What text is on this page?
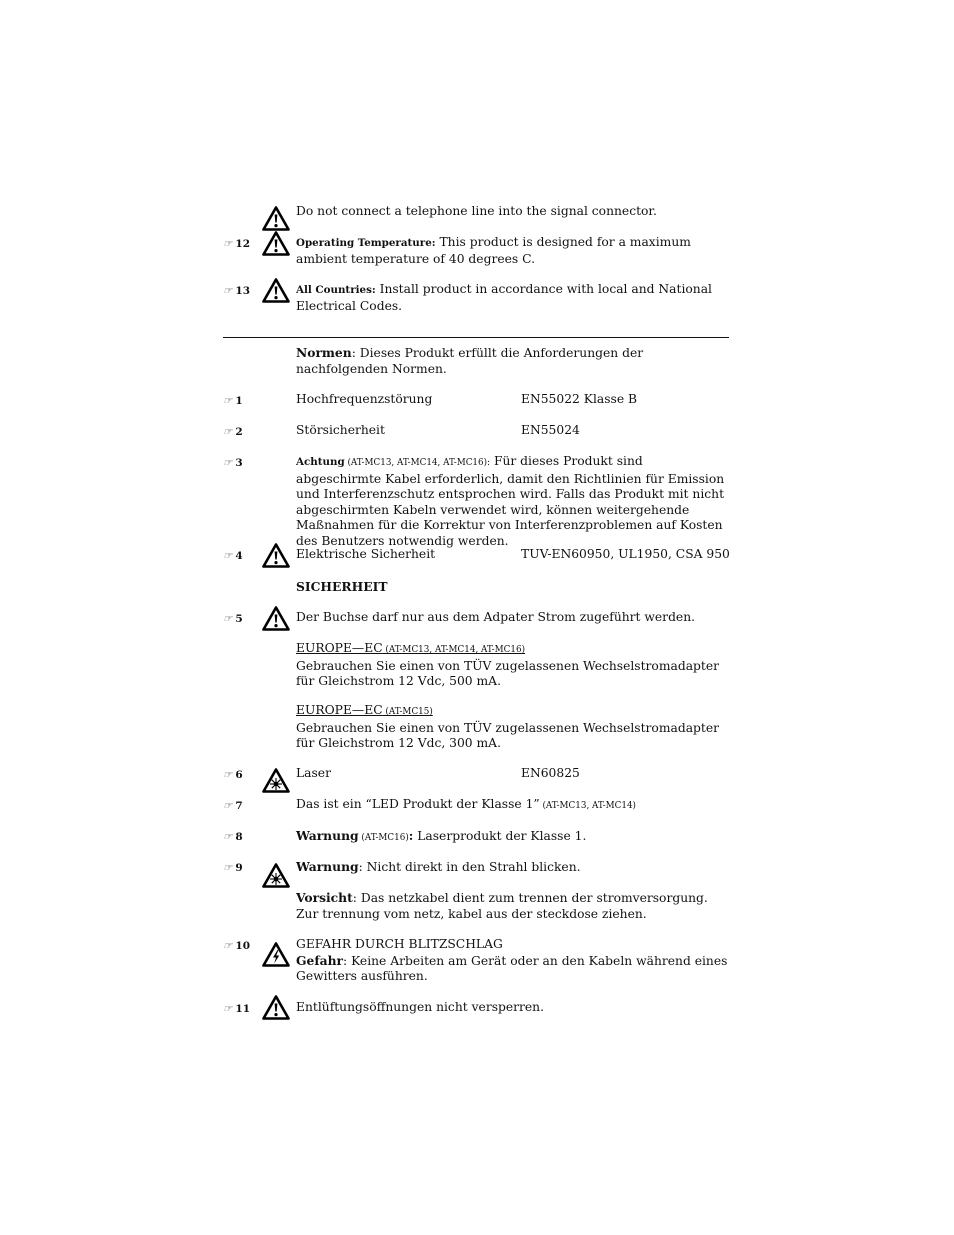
Do not connect a telephone line into the signal connector.
☞ 12	Operating Temperature: This product is designed for a maximum ambient temperature of 40 degrees C.
☞ 13	All Countries: Install product in accordance with local and National Electrical Codes.
Normen: Dieses Produkt erfüllt die Anforderungen der nachfolgenden Normen.
☞ 1	Hochfrequenzstörung	EN55022 Klasse B
☞ 2	Störsicherheit	EN55024
☞ 3	Achtung (AT-MC13, AT-MC14, AT-MC16): Für dieses Produkt sind abgeschirmte Kabel erforderlich, damit den Richtlinien für Emission und Interferenzschutz entsprochen wird. Falls das Produkt mit nicht abgeschirmten Kabeln verwendet wird, können weitergehende Maßnahmen für die Korrektur von Interferenzproblemen auf Kosten des Benutzers notwendig werden.
☞ 4	Elektrische Sicherheit	TUV-EN60950, UL1950, CSA 950
SICHERHEIT
☞ 5	Der Buchse darf nur aus dem Adpater Strom zugeführt werden.
EUROPE—EC (AT-MC13, AT-MC14, AT-MC16)
Gebrauchen Sie einen von TÜV zugelassenen Wechselstromadapter für Gleichstrom 12 Vdc, 500 mA.
EUROPE—EC (AT-MC15)
Gebrauchen Sie einen von TÜV zugelassenen Wechselstromadapter für Gleichstrom 12 Vdc, 300 mA.
☞ 6	Laser	EN60825
☞ 7	Das ist ein “LED Produkt der Klasse 1” (AT-MC13, AT-MC14)
☞ 8	Warnung (AT-MC16): Laserprodukt der Klasse 1.
☞ 9	Warnung: Nicht direkt in den Strahl blicken.
Vorsicht: Das netzkabel dient zum trennen der stromversorgung. Zur trennung vom netz, kabel aus der steckdose ziehen.
☞ 10	GEFAHR DURCH BLITZSCHLAG
Gefahr: Keine Arbeiten am Gerät oder an den Kabeln während eines Gewitters ausführen.
☞ 11	Entlüftungsöffnungen nicht versperren.
